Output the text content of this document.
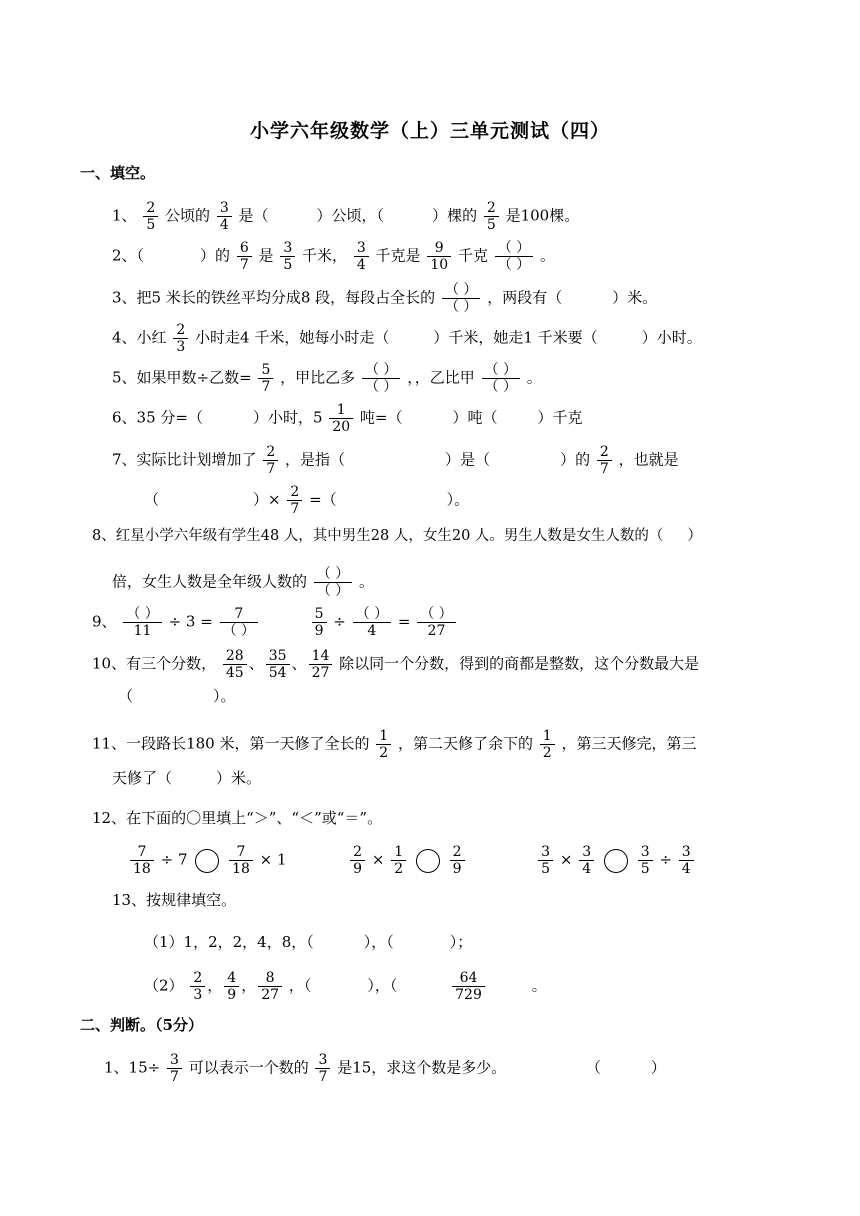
小学六年级数学（上）三单元测试（四）
一、填空。
1、 $\frac{2}{5}$ 公顷的 $\frac{3}{4}$ 是（	）公顷，（	）棵的 $\frac{2}{5}$ 是100棵。
2、（	）的 $\frac{6}{7}$ 是 $\frac{3}{5}$ 千米， $\frac{3}{4}$ 千克是 $\frac{9}{10}$ 千克 $\frac{( )}{( )}$ 。
3、把5 米长的铁丝平均分成8 段，每段占全长的 $\frac{( )}{( )}$ ，两段有（	）米。
4、小红 $\frac{2}{3}$ 小时走4 千米，她每小时走（	）千米，她走1 千米要（	）小时。
5、如果甲数÷乙数= $\frac{5}{7}$ ，甲比乙多 $\frac{( )}{( )}$ ，，乙比甲 $\frac{( )}{( )}$ 。
6、35 分=（	）小时，$5 \frac{1}{20}$ 吨=（	）吨（	）千克
7、实际比计划增加了 $\frac{2}{7}$ ，是指（	）是（	）的 $\frac{2}{7}$ ，也就是
（	）× $\frac{2}{7}$ =（	）。
8、红星小学六年级有学生48 人，其中男生28 人，女生20 人。男生人数是女生人数的（ ）
倍，女生人数是全年级人数的 $\frac{( )}{( )}$ 。
9、 $\frac{( )}{11} \div 3 = \frac{7}{( )}$
	$\frac{5}{9} \div \frac{( )}{4} = \frac{( )}{27}$
10、有三个分数， $\frac{28}{45}$ 、 $\frac{35}{54}$ 、 $\frac{14}{27}$ 除以同一个分数，得到的商都是整数，这个分数最大是
（	）。
11、一段路长180 米，第一天修了全长的 $\frac{1}{2}$ ，第二天修了余下的 $\frac{1}{2}$ ，第三天修完，第三
天修了（	）米。
12、在下面的〇里填上“＞”、“＜”或“＝”。
$\frac{7}{18} \div 7$	$\frac{7}{18} \times 1$	$\frac{2}{9} \times \frac{1}{2}$
	$\frac{2}{9}$
	$\frac{3}{5} \times \frac{3}{4}$
	$\frac{3}{5} \div \frac{3}{4}$
13、按规律填空。
（1）1，2，2，4，8，（	），（	）；
$(2) \frac{2}{3}$ ， $\frac{4}{9}$ ， $\frac{8}{27}$ ，（	），（	$\frac{64}{729}$	。
二、判断。（5分）
1、$15\div \frac{3}{7}$ 可以表示一个数的 $\frac{3}{7}$ 是15，求这个数是多少。	（	）
